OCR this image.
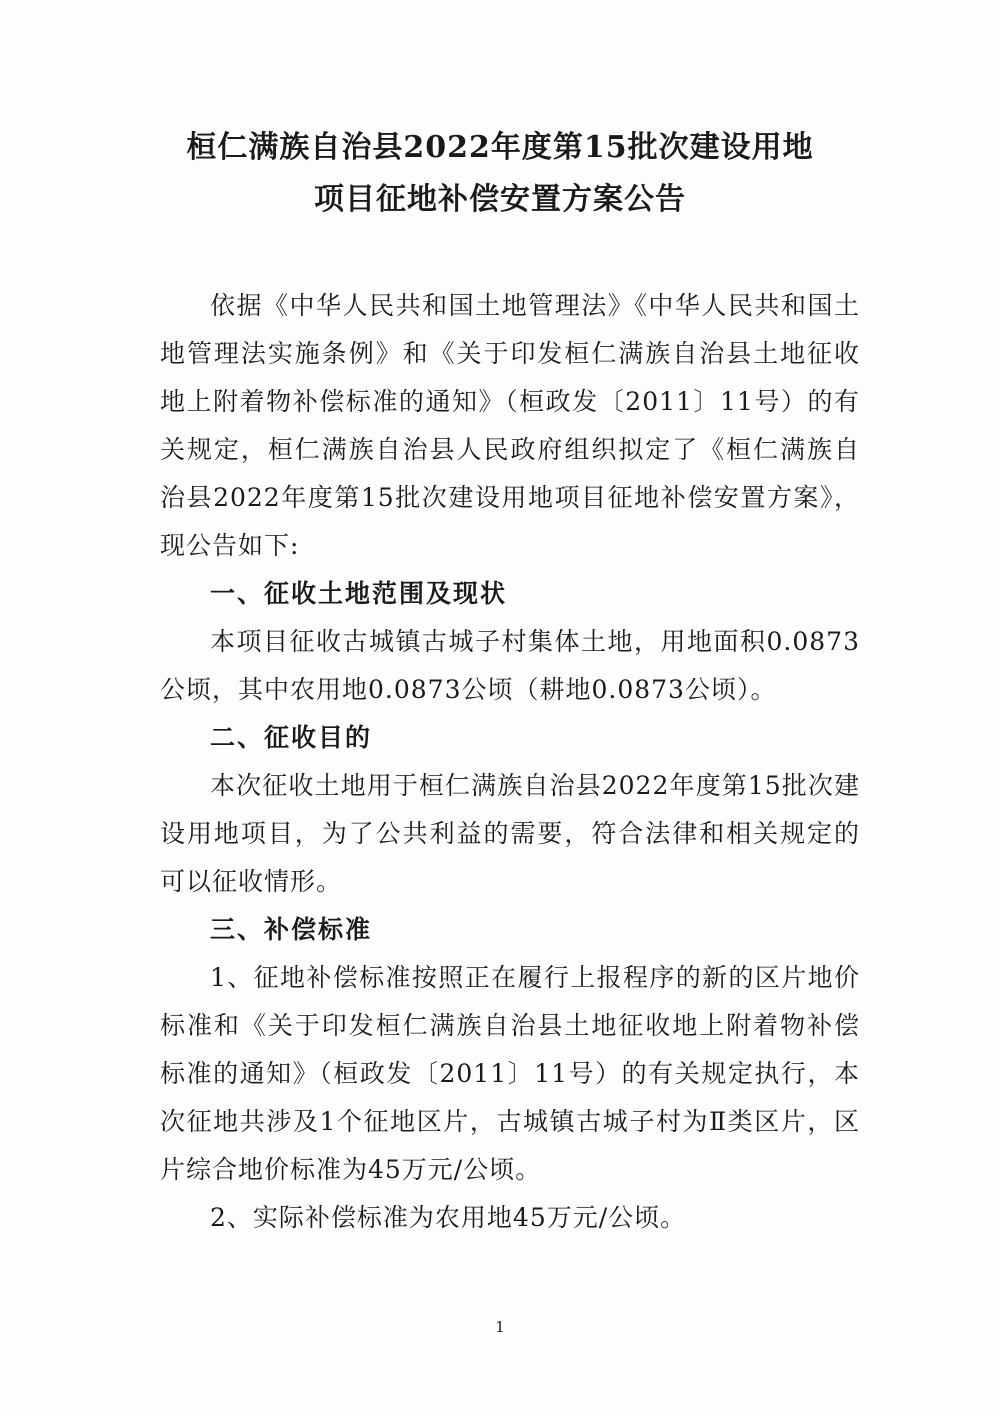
桓仁满族自治县2022年度第15批次建设用地
项目征地补偿安置方案公告

依据《中华人民共和国土地管理法》《中华人民共和国土地管理法实施条例》和《关于印发桓仁满族自治县土地征收地上附着物补偿标准的通知》（桓政发〔2011〕11号）的有关规定，桓仁满族自治县人民政府组织拟定了《桓仁满族自治县2022年度第15批次建设用地项目征地补偿安置方案》，现公告如下:

一、征收土地范围及现状

本项目征收古城镇古城子村集体土地，用地面积0.0873公顷，其中农用地0.0873公顷（耕地0.0873公顷）。

二、征收目的

本次征收土地用于桓仁满族自治县2022年度第15批次建设用地项目，为了公共利益的需要，符合法律和相关规定的可以征收情形。

三、补偿标准

1、征地补偿标准按照正在履行上报程序的新的区片地价标准和《关于印发桓仁满族自治县土地征收地上附着物补偿标准的通知》（桓政发〔2011〕11号）的有关规定执行，本次征地共涉及1个征地区片，古城镇古城子村为Ⅱ类区片，区片综合地价标准为45万元/公顷。

2、实际补偿标准为农用地45万元/公顷。

1
